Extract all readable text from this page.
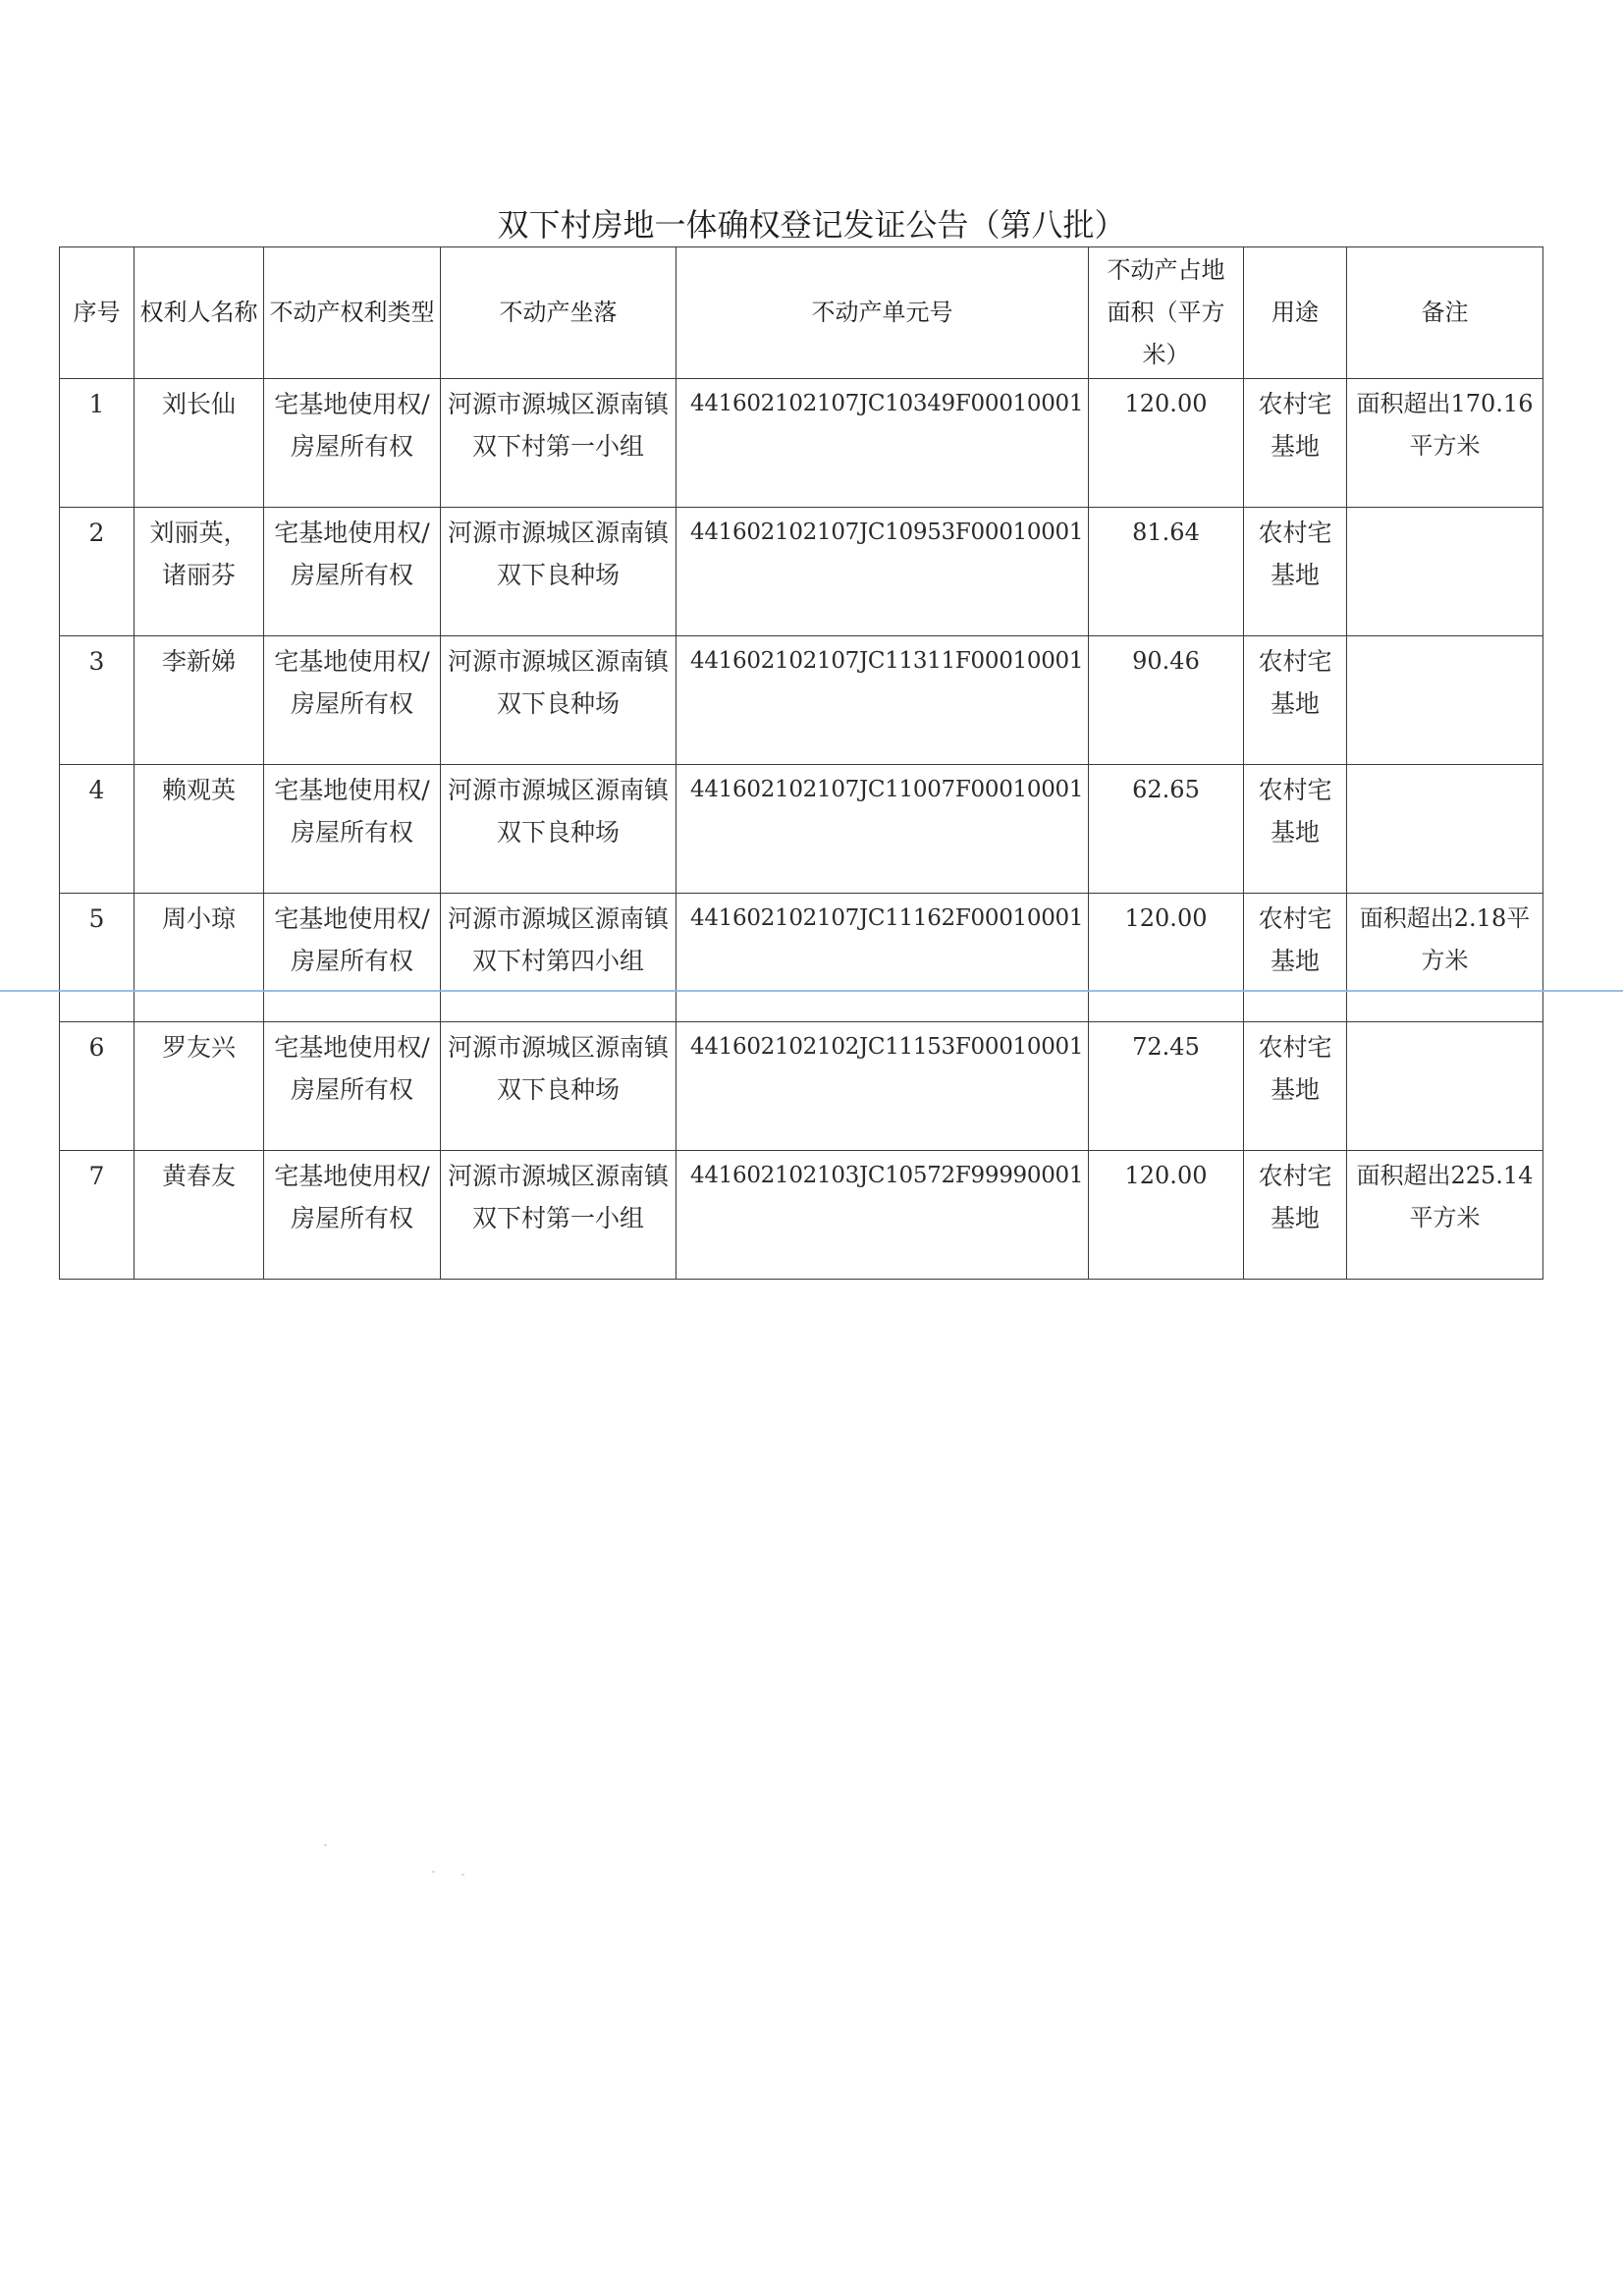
双下村房地一体确权登记发证公告（第八批）
序号	权利人名称	不动产权利类型	不动产坐落	不动产单元号	不动产占地面积（平方米）	用途	备注

1	刘长仙	宅基地使用权/房屋所有权	河源市源城区源南镇双下村第一小组	441602102107JC10349F00010001	120.00	农村宅基地	面积超出170.16平方米

2	刘丽英，诸丽芬	宅基地使用权/房屋所有权	河源市源城区源南镇双下良种场	441602102107JC10953F00010001	81.64	农村宅基地	

3	李新娣	宅基地使用权/房屋所有权	河源市源城区源南镇双下良种场	441602102107JC11311F00010001	90.46	农村宅基地	

4	赖观英	宅基地使用权/房屋所有权	河源市源城区源南镇双下良种场	441602102107JC11007F00010001	62.65	农村宅基地	

5	周小琼	宅基地使用权/房屋所有权	河源市源城区源南镇双下村第四小组	441602102107JC11162F00010001	120.00	农村宅基地	面积超出2.18平方米

6	罗友兴	宅基地使用权/房屋所有权	河源市源城区源南镇双下良种场	441602102102JC11153F00010001	72.45	农村宅基地	

7	黄春友	宅基地使用权/房屋所有权	河源市源城区源南镇双下村第一小组	441602102103JC10572F99990001	120.00	农村宅基地	面积超出225.14平方米
